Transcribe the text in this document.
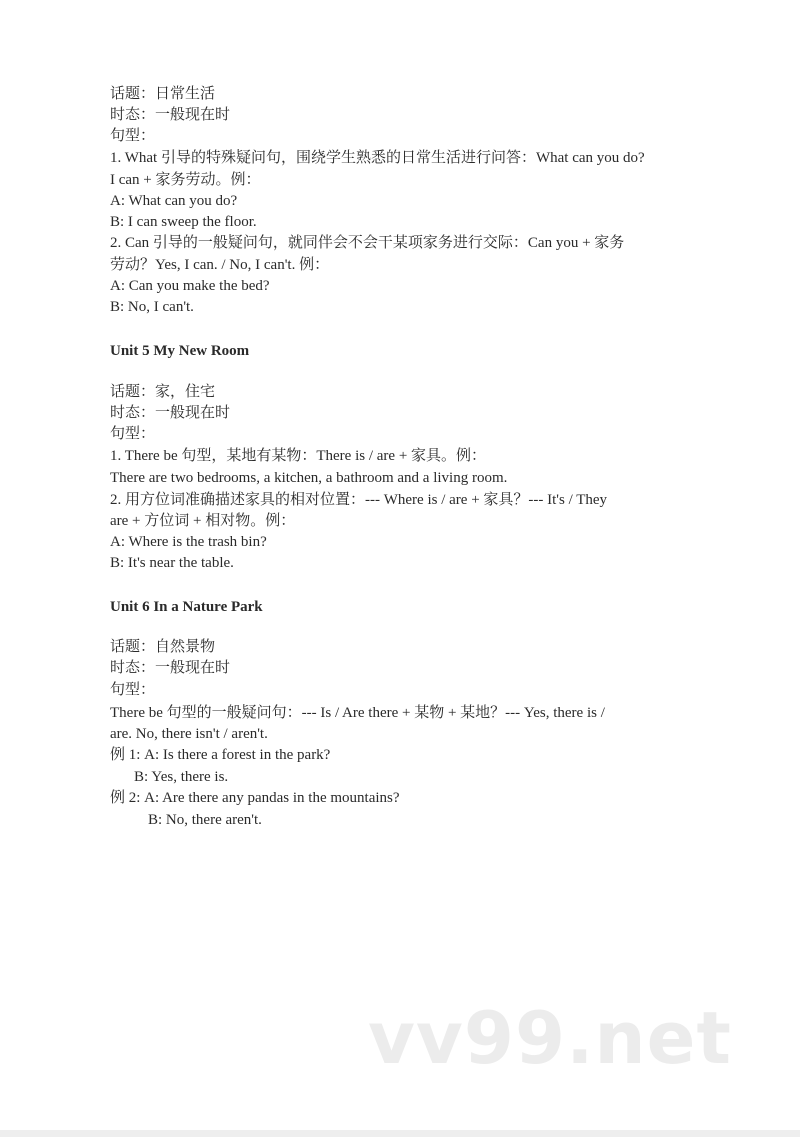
话题：日常生活
时态：一般现在时
句型：
1. What 引导的特殊疑问句，围绕学生熟悉的日常生活进行问答：What can you do?
I can + 家务劳动。例：
A: What can you do?
B: I can sweep the floor.
2. Can 引导的一般疑问句，就同伴会不会干某项家务进行交际：Can you + 家务
劳动？Yes, I can. / No, I can't. 例：
A: Can you make the bed?
B: No, I can't.
Unit 5 My New Room
话题：家，住宅
时态：一般现在时
句型：
1. There be 句型，某地有某物：There is / are + 家具。例：
There are two bedrooms, a kitchen, a bathroom and a living room.
2. 用方位词准确描述家具的相对位置：--- Where is / are + 家具？--- It's / They
are + 方位词 + 相对物。例：
A: Where is the trash bin?
B: It's near the table.
Unit 6 In a Nature Park
话题：自然景物
时态：一般现在时
句型：
There be 句型的一般疑问句：--- Is / Are there + 某物 + 某地？--- Yes, there is /
are. No, there isn't / aren't.
例 1: A: Is there a forest in the park?
B: Yes, there is.
例 2: A: Are there any pandas in the mountains?
B: No, there aren't.
vv99.net
